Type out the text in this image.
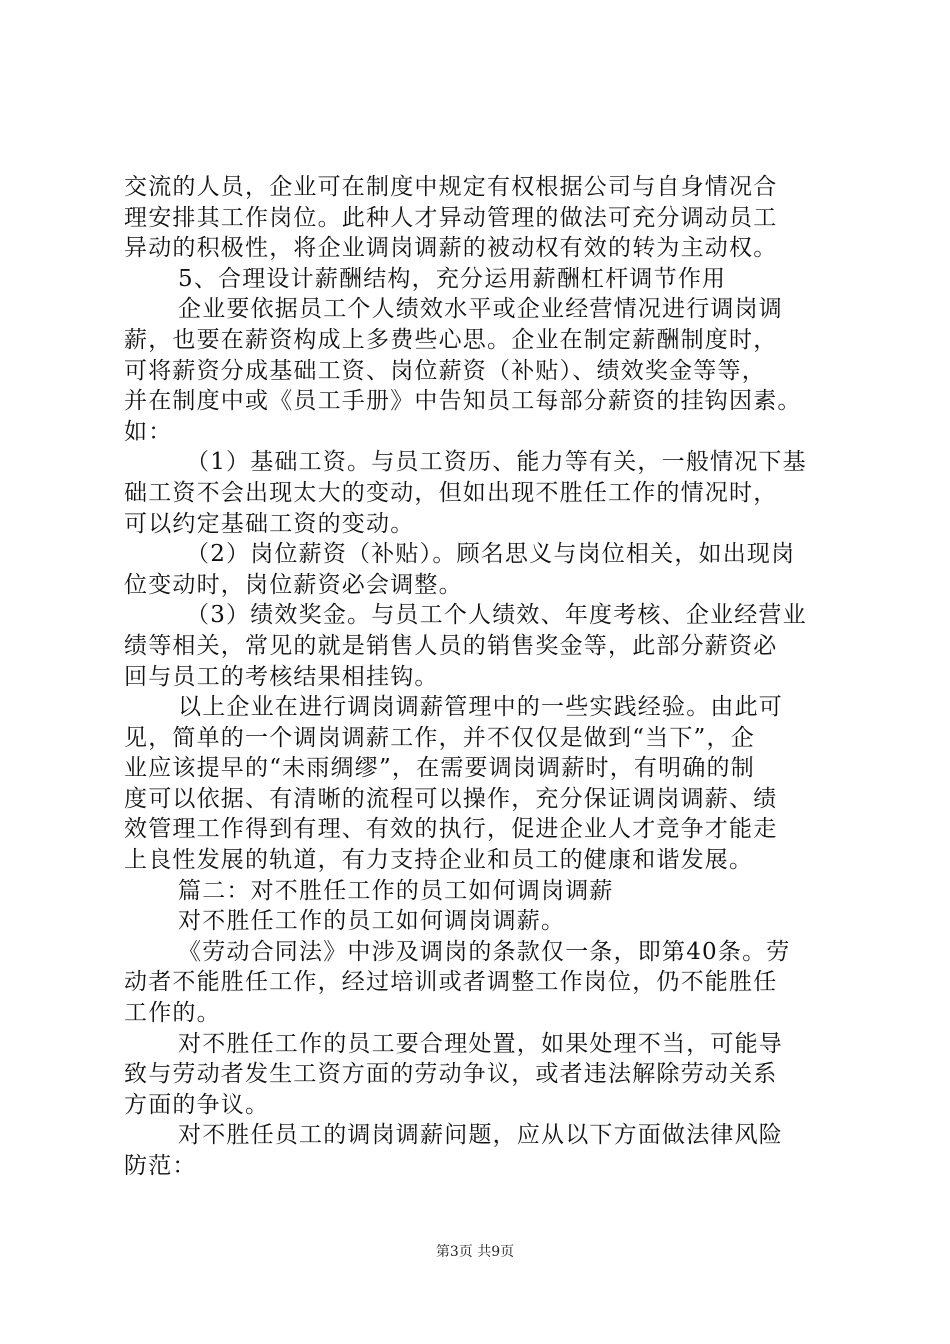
交流的人员，企业可在制度中规定有权根据公司与自身情况合
理安排其工作岗位。此种人才异动管理的做法可充分调动员工
异动的积极性，将企业调岗调薪的被动权有效的转为主动权。
5、合理设计薪酬结构，充分运用薪酬杠杆调节作用
企业要依据员工个人绩效水平或企业经营情况进行调岗调
薪，也要在薪资构成上多费些心思。企业在制定薪酬制度时，
可将薪资分成基础工资、岗位薪资（补贴）、绩效奖金等等，
并在制度中或《员工手册》中告知员工每部分薪资的挂钩因素。
如：
（1）基础工资。与员工资历、能力等有关，一般情况下基
础工资不会出现太大的变动，但如出现不胜任工作的情况时，
可以约定基础工资的变动。
（2）岗位薪资（补贴）。顾名思义与岗位相关，如出现岗
位变动时，岗位薪资必会调整。
（3）绩效奖金。与员工个人绩效、年度考核、企业经营业
绩等相关，常见的就是销售人员的销售奖金等，此部分薪资必
回与员工的考核结果相挂钩。
以上企业在进行调岗调薪管理中的一些实践经验。由此可
见，简单的一个调岗调薪工作，并不仅仅是做到“当下”，企
业应该提早的“未雨绸缪”，在需要调岗调薪时，有明确的制
度可以依据、有清晰的流程可以操作，充分保证调岗调薪、绩
效管理工作得到有理、有效的执行，促进企业人才竞争才能走
上良性发展的轨道，有力支持企业和员工的健康和谐发展。
篇二：对不胜任工作的员工如何调岗调薪
对不胜任工作的员工如何调岗调薪。
《劳动合同法》中涉及调岗的条款仅一条，即第40条。劳
动者不能胜任工作，经过培训或者调整工作岗位，仍不能胜任
工作的。
对不胜任工作的员工要合理处置，如果处理不当，可能导
致与劳动者发生工资方面的劳动争议，或者违法解除劳动关系
方面的争议。
对不胜任员工的调岗调薪问题，应从以下方面做法律风险
防范：
第3页 共9页
